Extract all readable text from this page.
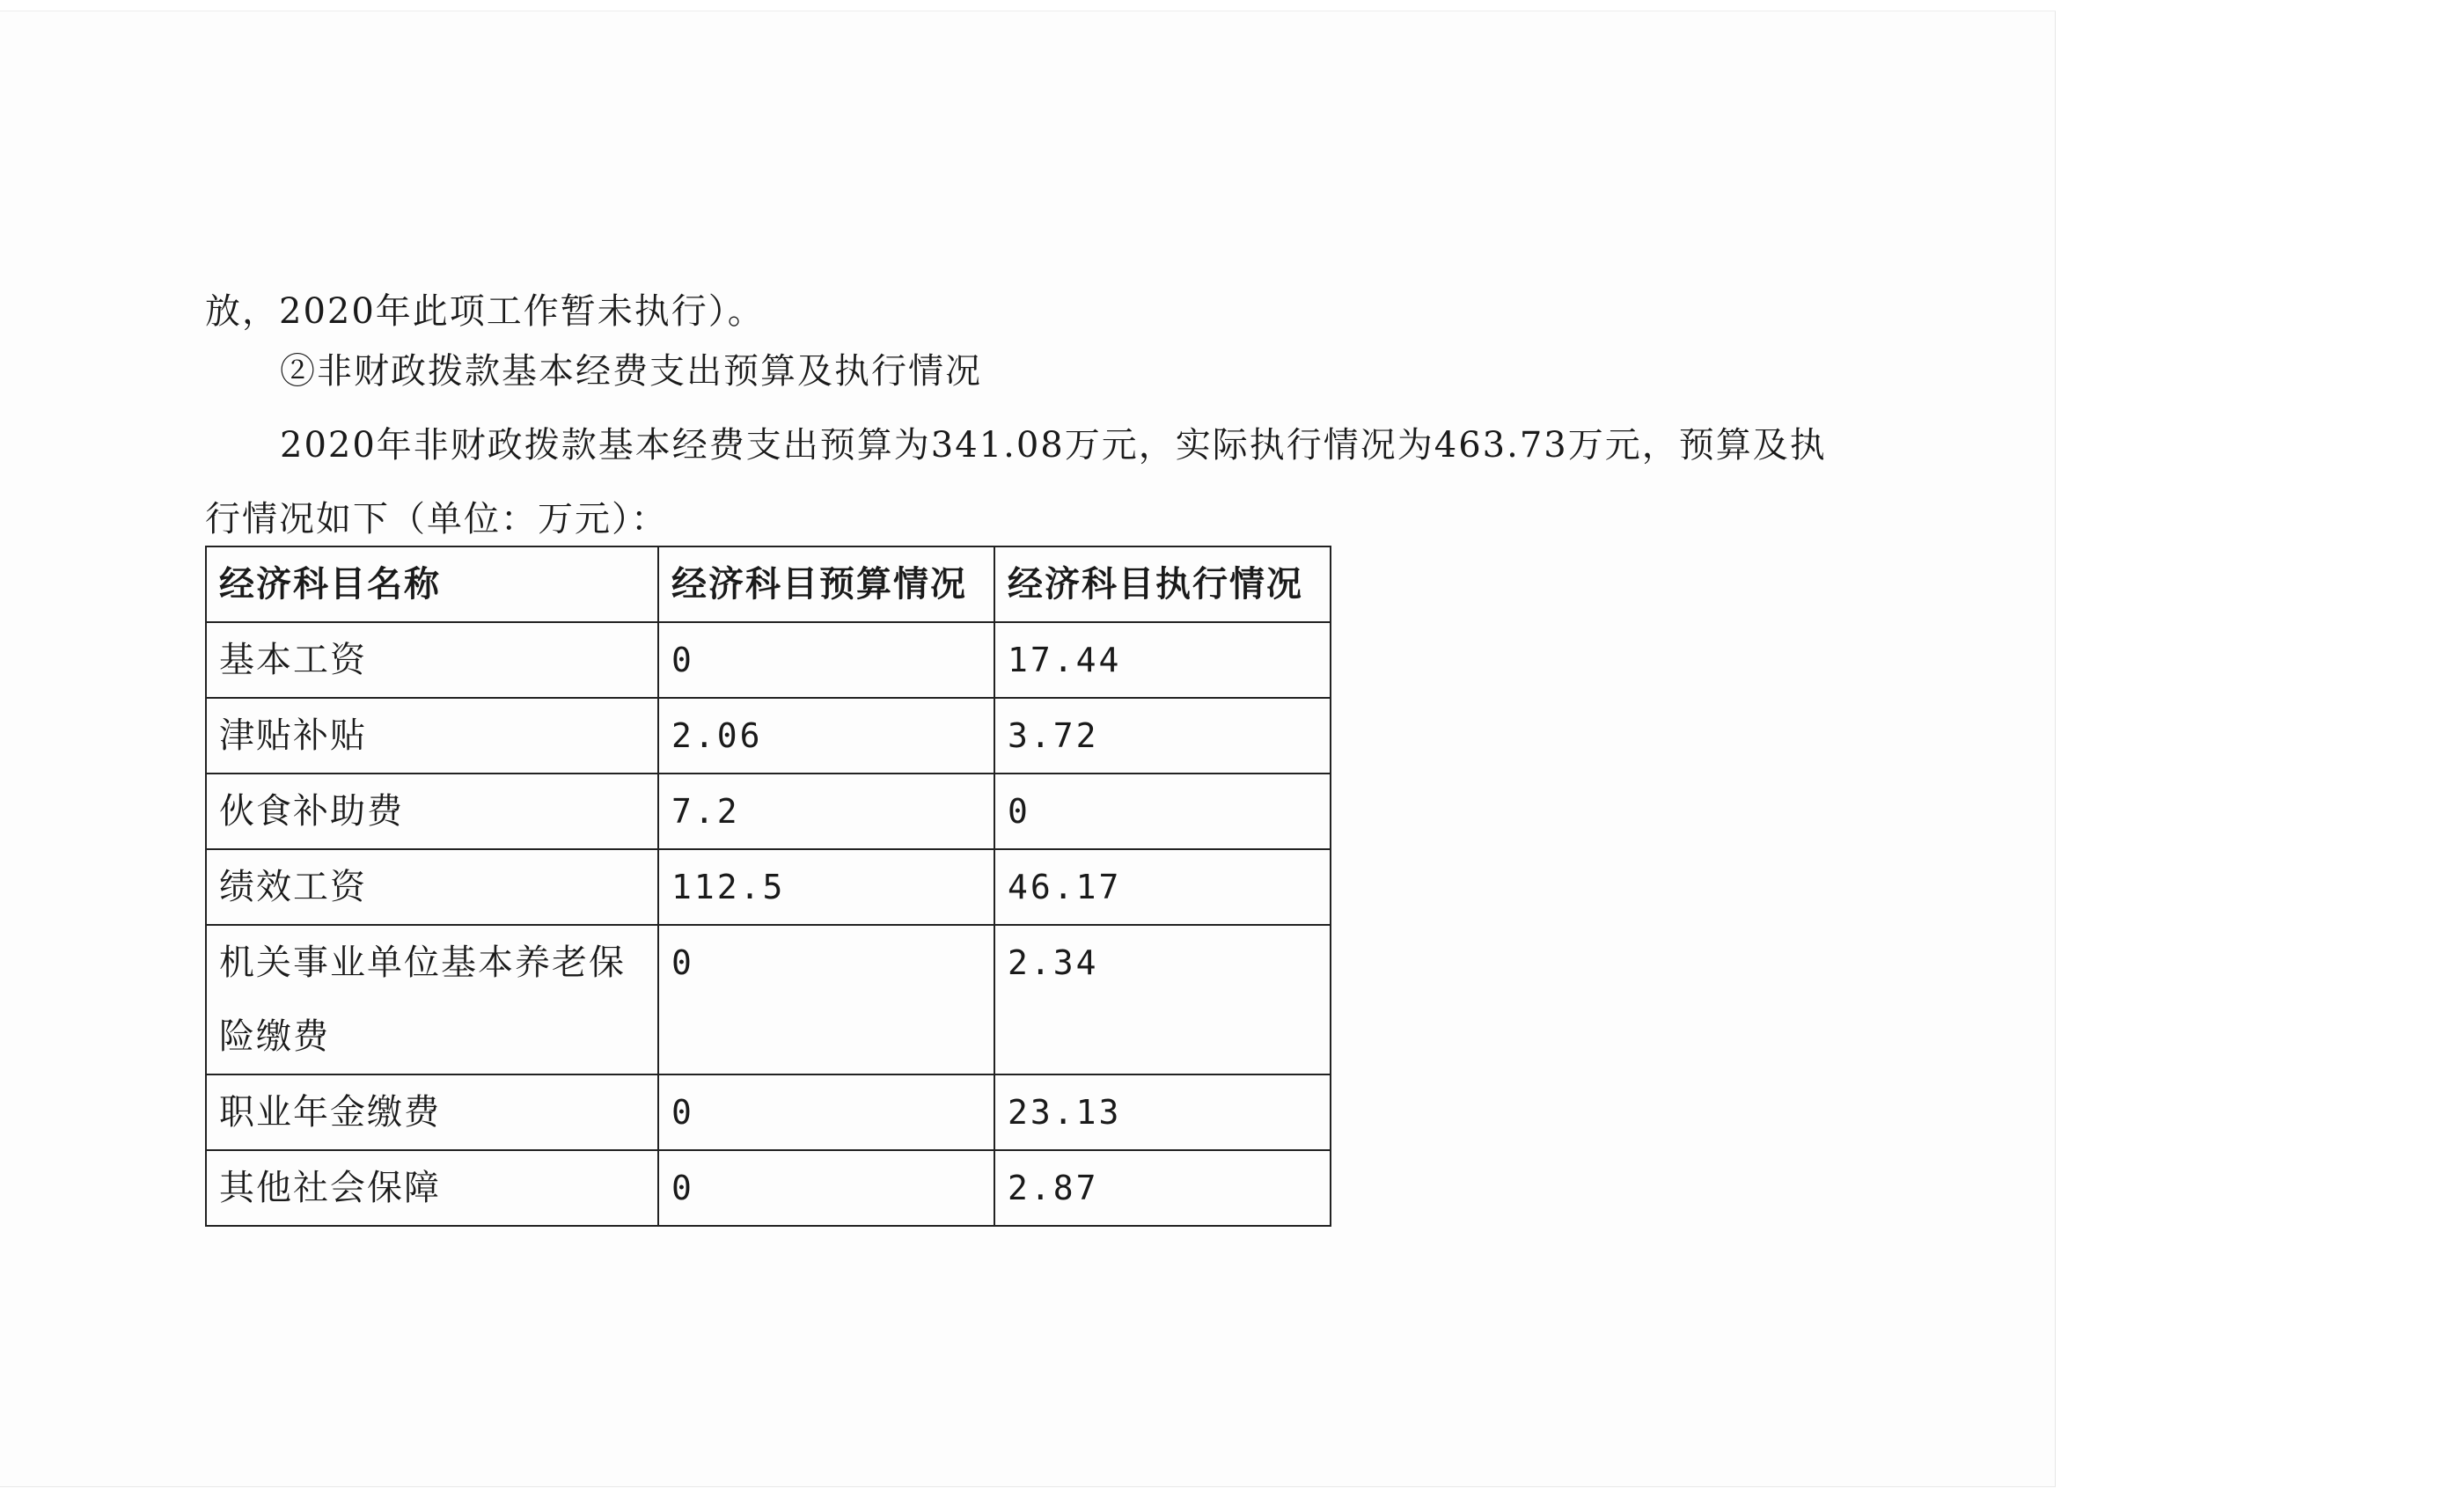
放，2020年此项工作暂未执行）。

②非财政拨款基本经费支出预算及执行情况

2020年非财政拨款基本经费支出预算为341.08万元，实际执行情况为463.73万元，预算及执

行情况如下（单位：万元）：

经济科目名称	经济科目预算情况	经济科目执行情况
基本工资	0	17.44
津贴补贴	2.06	3.72
伙食补助费	7.2	0
绩效工资	112.5	46.17
机关事业单位基本养老保
险缴费	0	2.34
职业年金缴费	0	23.13
其他社会保障	0	2.87
